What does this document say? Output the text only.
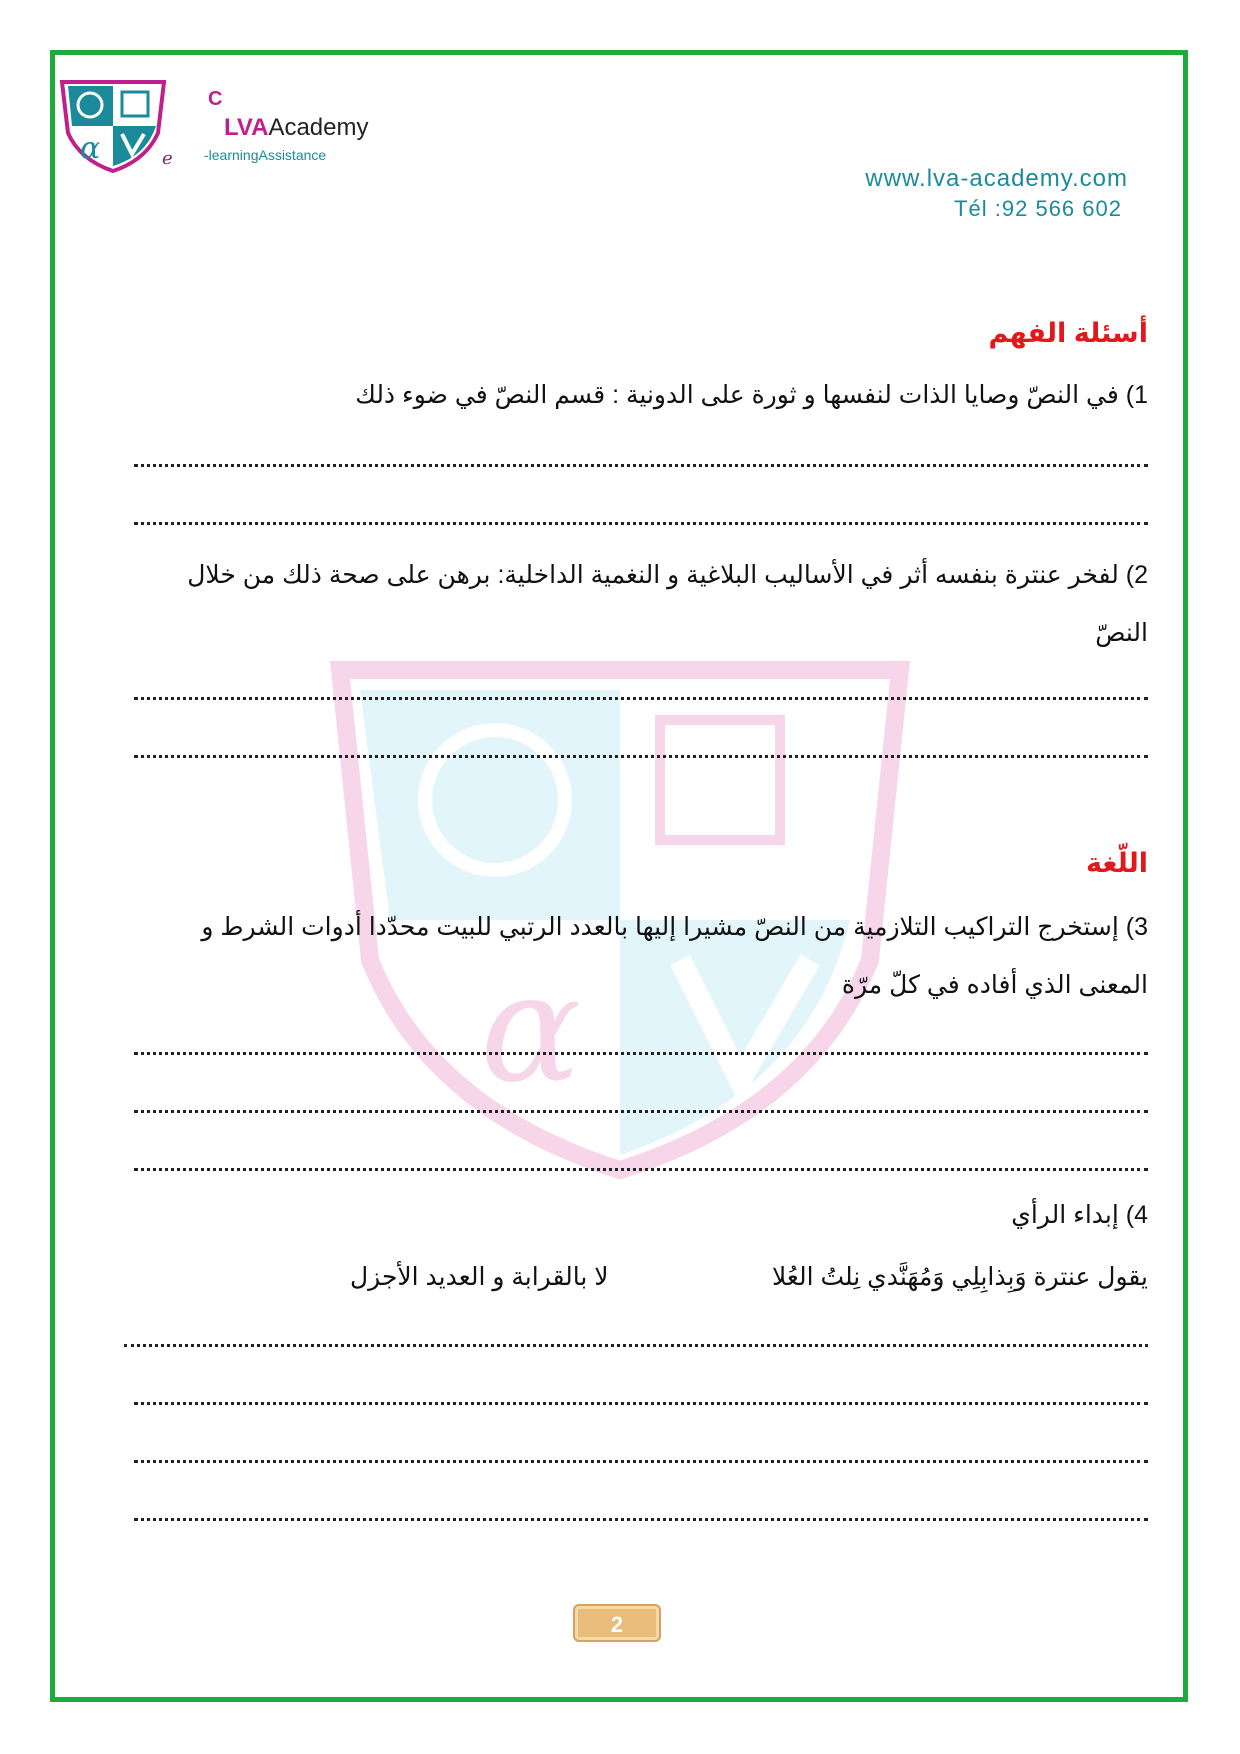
α
α	e
C
LVAAcademy
-learningAssistance
www.lva-academy.com
Tél :92 566 602
أسئلة الفهم
1) في النصّ وصايا الذات لنفسها و ثورة على الدونية : قسم النصّ في ضوء ذلك
2) لفخر عنترة بنفسه أثر في الأساليب البلاغية و النغمية الداخلية: برهن على صحة ذلك من خلال
النصّ
اللّغة
3) إستخرج التراكيب التلازمية من النصّ مشيرا إليها بالعدد الرتبي للبيت محدّدا أدوات الشرط و
المعنى الذي أفاده في كلّ مرّة
4) إبداء الرأي
يقول عنترة وَبِذابِلِي وَمُهَنَّدي نِلتُ العُلا
لا بالقرابة و العديد الأجزل
2
